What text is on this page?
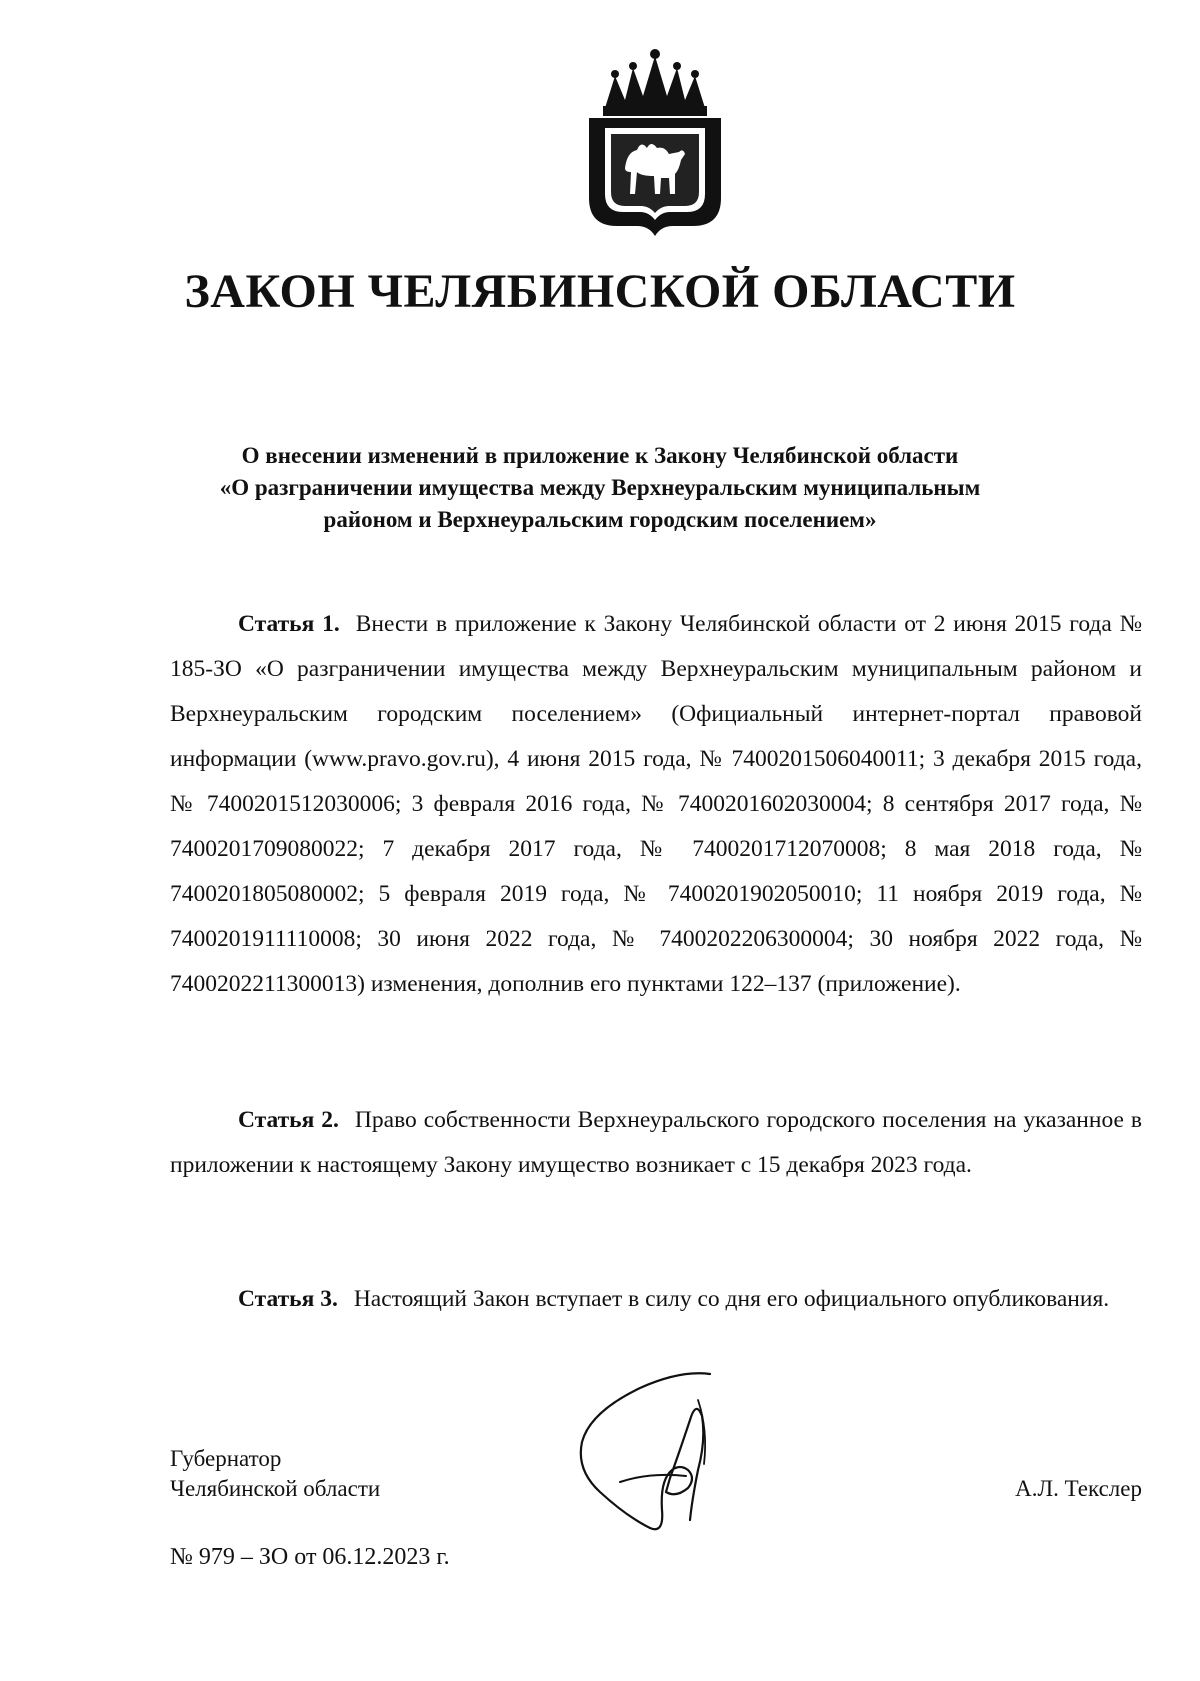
ЗАКОН ЧЕЛЯБИНСКОЙ ОБЛАСТИ
О внесении изменений в приложение к Закону Челябинской области
«О разграничении имущества между Верхнеуральским муниципальным
районом и Верхнеуральским городским поселением»
Статья 1. Внести в приложение к Закону Челябинской области от 2 июня 2015 года № 185-ЗО «О разграничении имущества между Верхнеуральским муниципальным районом и Верхнеуральским городским поселением» (Официальный интернет-портал правовой информации (www.pravo.gov.ru), 4 июня 2015 года, № 7400201506040011; 3 декабря 2015 года, № 7400201512030006; 3 февраля 2016 года, № 7400201602030004; 8 сентября 2017 года, № 7400201709080022; 7 декабря 2017 года, № 7400201712070008; 8 мая 2018 года, № 7400201805080002; 5 февраля 2019 года, № 7400201902050010; 11 ноября 2019 года, № 7400201911110008; 30 июня 2022 года, № 7400202206300004; 30 ноября 2022 года, № 7400202211300013) изменения, дополнив его пунктами 122–137 (приложение).
Статья 2. Право собственности Верхнеуральского городского поселения на указанное в приложении к настоящему Закону имущество возникает с 15 декабря 2023 года.
Статья 3. Настоящий Закон вступает в силу со дня его официального опубликования.
Губернатор
Челябинской области	А.Л. Текслер
№ 979 – ЗО от 06.12.2023 г.
